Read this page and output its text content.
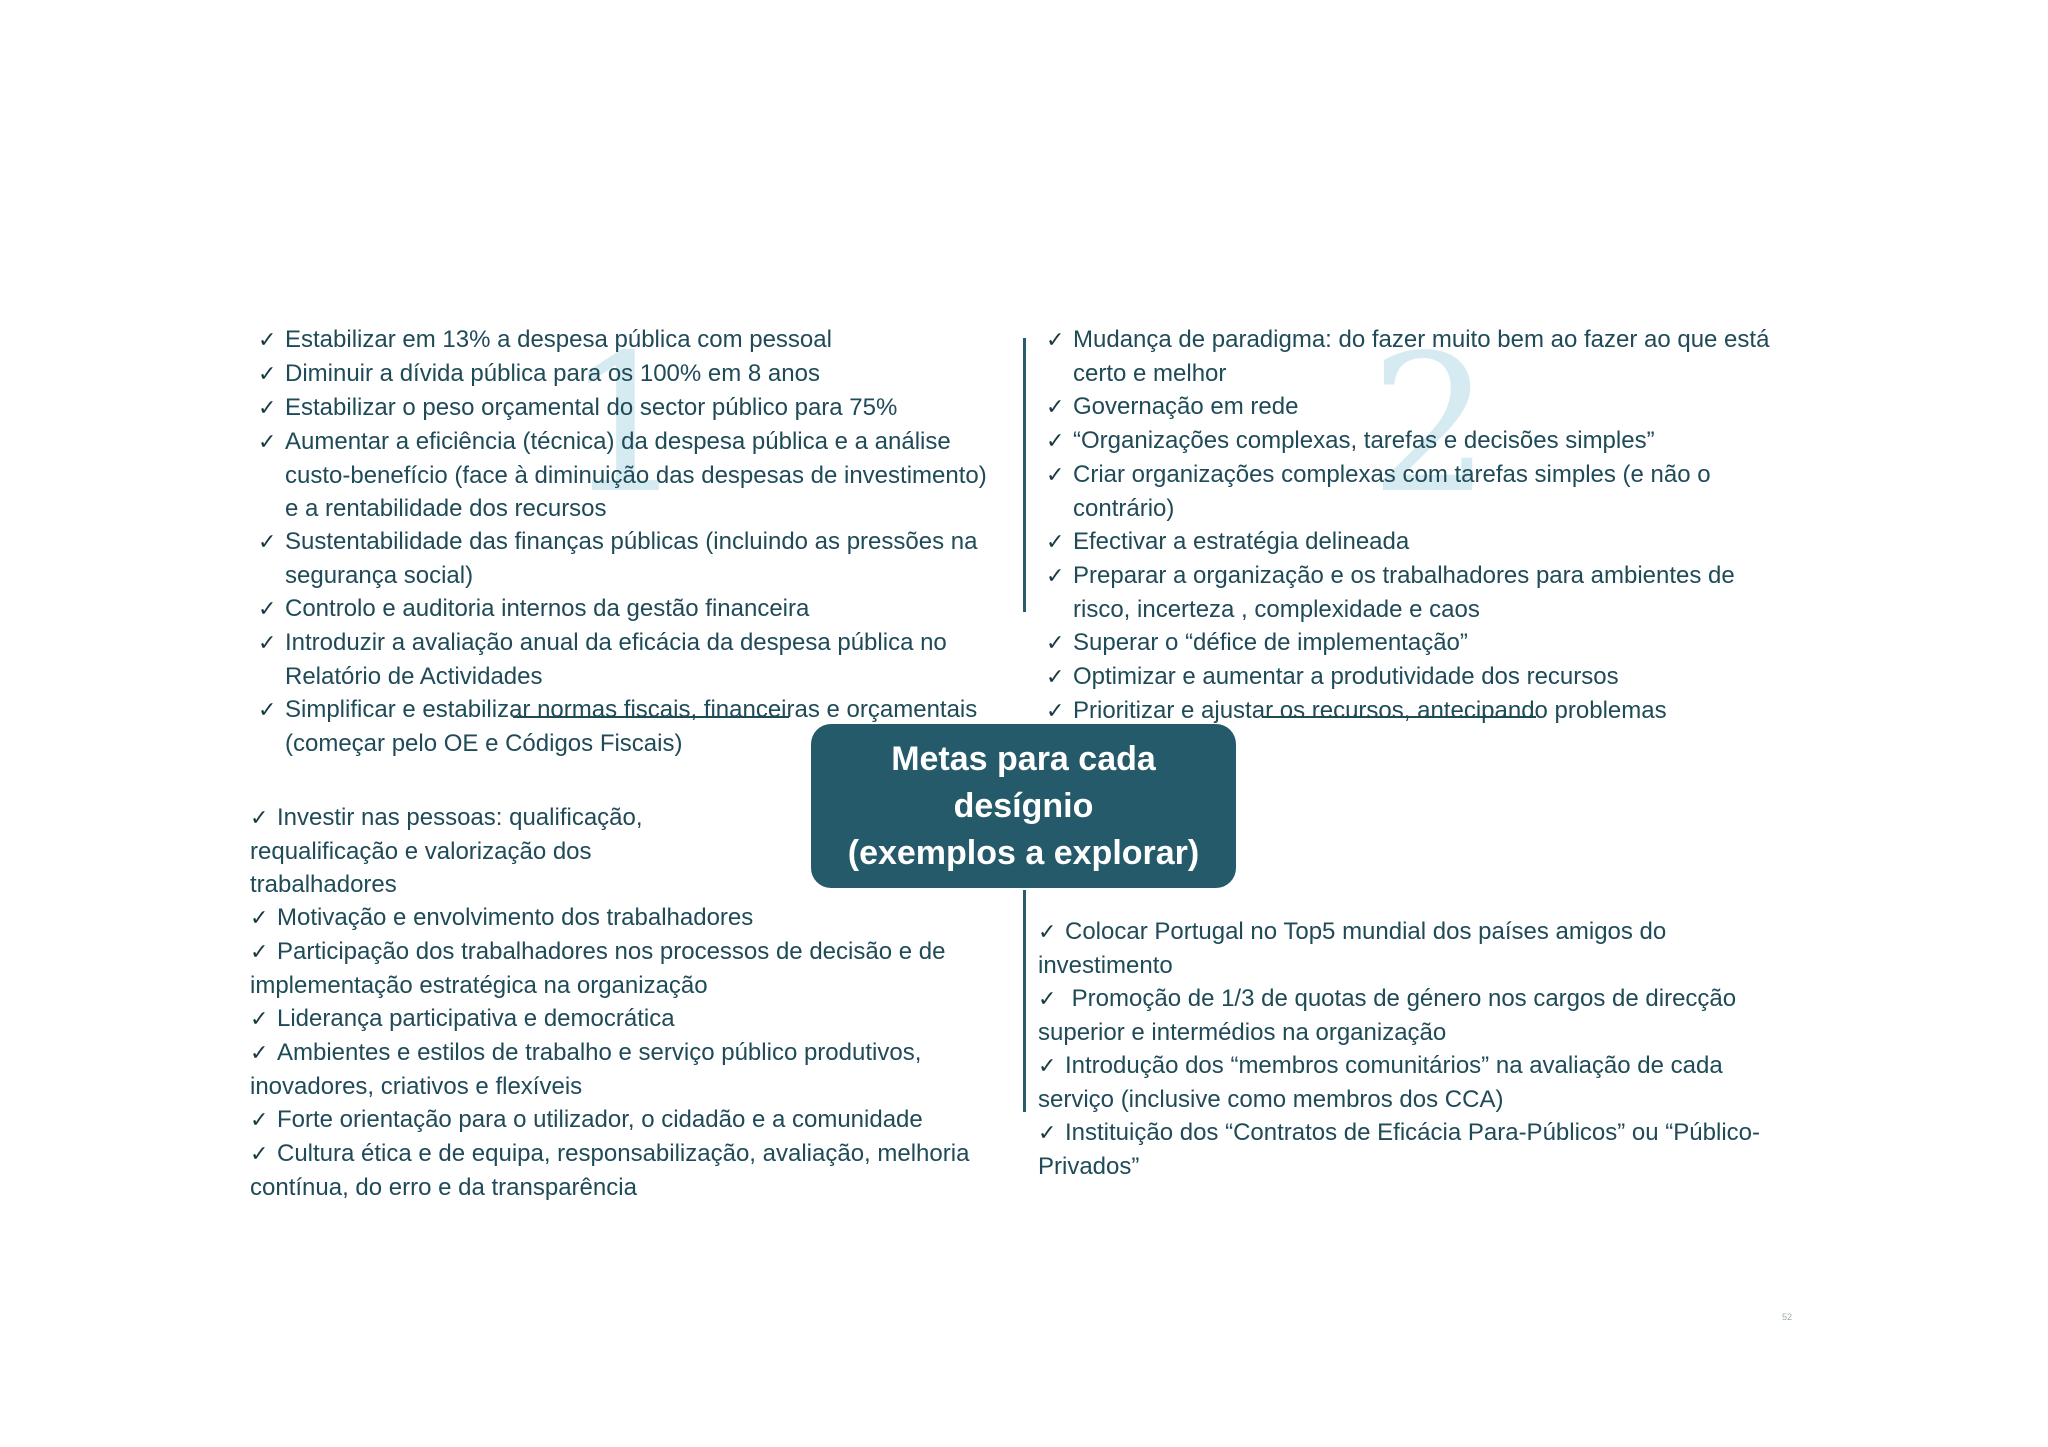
1	2
✓ Estabilizar em 13% a despesa pública com pessoal
✓ Diminuir a dívida pública para os 100% em 8 anos
✓ Estabilizar o peso orçamental do sector público para 75%
✓ Aumentar a eficiência (técnica) da despesa pública e a análise
custo-benefício (face à diminuição das despesas de investimento)
e a rentabilidade dos recursos
✓ Sustentabilidade das finanças públicas (incluindo as pressões na
segurança social)
✓ Controlo e auditoria internos da gestão financeira
✓ Introduzir a avaliação anual da eficácia da despesa pública no
Relatório de Actividades
✓ Simplificar e estabilizar normas fiscais, financeiras e orçamentais
(começar pelo OE e Códigos Fiscais)
✓ Mudança de paradigma: do fazer muito bem ao fazer ao que está
certo e melhor
✓ Governação em rede
✓ “Organizações complexas, tarefas e decisões simples”
✓ Criar organizações complexas com tarefas simples (e não o
contrário)
✓ Efectivar a estratégia delineada
✓ Preparar a organização e os trabalhadores para ambientes de
risco, incerteza , complexidade e caos
✓ Superar o “défice de implementação”
✓ Optimizar e aumentar a produtividade dos recursos
✓ Prioritizar e ajustar os recursos, antecipando problemas
✓ Investir nas pessoas: qualificação,
requalificação e valorização dos
trabalhadores
✓ Motivação e envolvimento dos trabalhadores
✓ Participação dos trabalhadores nos processos de decisão e de
implementação estratégica na organização
✓ Liderança participativa e democrática
✓ Ambientes e estilos de trabalho e serviço público produtivos,
inovadores, criativos e flexíveis
✓ Forte orientação para o utilizador, o cidadão e a comunidade
✓ Cultura ética e de equipa, responsabilização, avaliação, melhoria
contínua, do erro e da transparência
✓ Colocar Portugal no Top5 mundial dos países amigos do
investimento
✓ Promoção de 1/3 de quotas de género nos cargos de direcção
superior e intermédios na organização
✓ Introdução dos “membros comunitários” na avaliação de cada
serviço (inclusive como membros dos CCA)
✓ Instituição dos “Contratos de Eficácia Para-Públicos” ou “Público-
Privados”
Metas para cada
desígnio
(exemplos a explorar)
52
